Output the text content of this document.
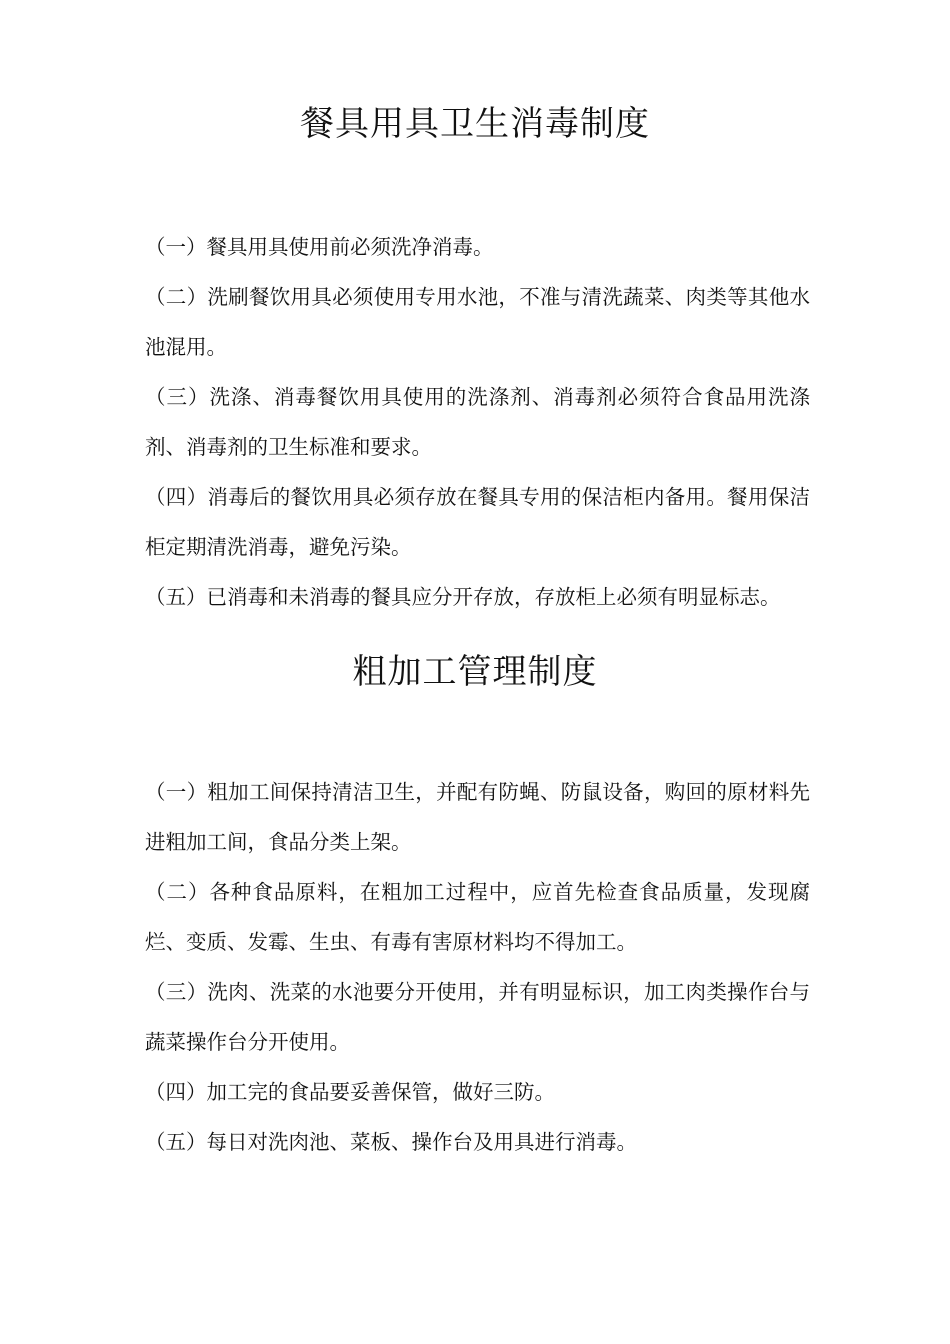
餐具用具卫生消毒制度

（一）餐具用具使用前必须洗净消毒。

（二）洗刷餐饮用具必须使用专用水池，不准与清洗蔬菜、肉类等其他水池混用。

（三）洗涤、消毒餐饮用具使用的洗涤剂、消毒剂必须符合食品用洗涤剂、消毒剂的卫生标准和要求。

（四）消毒后的餐饮用具必须存放在餐具专用的保洁柜内备用。餐用保洁柜定期清洗消毒，避免污染。

（五）已消毒和未消毒的餐具应分开存放，存放柜上必须有明显标志。

粗加工管理制度

（一）粗加工间保持清洁卫生，并配有防蝇、防鼠设备，购回的原材料先进粗加工间，食品分类上架。

（二）各种食品原料，在粗加工过程中，应首先检查食品质量，发现腐烂、变质、发霉、生虫、有毒有害原材料均不得加工。

（三）洗肉、洗菜的水池要分开使用，并有明显标识，加工肉类操作台与蔬菜操作台分开使用。

（四）加工完的食品要妥善保管，做好三防。

（五）每日对洗肉池、菜板、操作台及用具进行消毒。
